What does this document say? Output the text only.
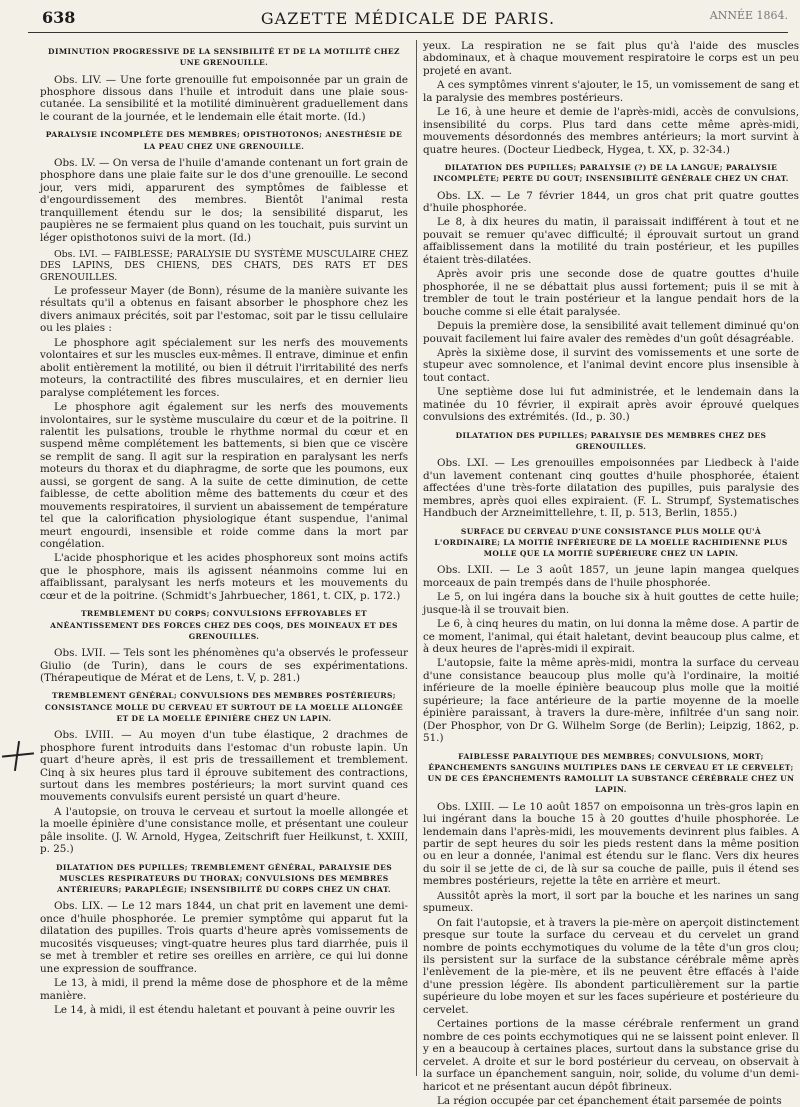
638	GAZETTE MÉDICALE DE PARIS.	ANNÉE 1864.
DIMINUTION PROGRESSIVE DE LA SENSIBILITÉ ET DE LA MOTILITÉ CHEZ UNE GRENOUILLE.

Obs. LIV. — Une forte grenouille fut empoisonnée par un grain de phosphore dissous dans l'huile et introduit dans une plaie sous-cutanée. La sensibilité et la motilité diminuèrent graduellement dans le courant de la journée, et le lendemain elle était morte. (Id.)

PARALYSIE INCOMPLÈTE DES MEMBRES; OPISTHOTONOS; ANESTHÉSIE DE LA PEAU CHEZ UNE GRENOUILLE.

Obs. LV. — On versa de l'huile d'amande contenant un fort grain de phosphore dans une plaie faite sur le dos d'une grenouille. Le second jour, vers midi, apparurent des symptômes de faiblesse et d'engourdissement des membres. Bientôt l'animal resta tranquillement étendu sur le dos; la sensibilité disparut, les paupières ne se fermaient plus quand on les touchait, puis survint un léger opisthotonos suivi de la mort. (Id.)

Obs. LVI. — FAIBLESSE; PARALYSIE DU SYSTÈME MUSCULAIRE CHEZ DES LAPINS, DES CHIENS, DES CHATS, DES RATS ET DES GRENOUILLES.

Le professeur Mayer (de Bonn), résume de la manière suivante les résultats qu'il a obtenus en faisant absorber le phosphore chez les divers animaux précités, soit par l'estomac, soit par le tissu cellulaire ou les plaies :

Le phosphore agit spécialement sur les nerfs des mouvements volontaires et sur les muscles eux-mêmes. Il entrave, diminue et enfin abolit entièrement la motilité, ou bien il détruit l'irritabilité des nerfs moteurs, la contractilité des fibres musculaires, et en dernier lieu paralyse complétement les forces.

Le phosphore agit également sur les nerfs des mouvements involontaires, sur le système musculaire du cœur et de la poitrine. Il ralentit les pulsations, trouble le rhythme normal du cœur et en suspend même complétement les battements, si bien que ce viscère se remplit de sang. Il agit sur la respiration en paralysant les nerfs moteurs du thorax et du diaphragme, de sorte que les poumons, eux aussi, se gorgent de sang. A la suite de cette diminution, de cette faiblesse, de cette abolition même des battements du cœur et des mouvements respiratoires, il survient un abaissement de température tel que la calorification physiologique étant suspendue, l'animal meurt engourdi, insensible et roide comme dans la mort par congélation.

L'acide phosphorique et les acides phosphoreux sont moins actifs que le phosphore, mais ils agissent néanmoins comme lui en affaiblissant, paralysant les nerfs moteurs et les mouvements du cœur et de la poitrine. (Schmidt's Jahrbuecher, 1861, t. CIX, p. 172.)

TREMBLEMENT DU CORPS; CONVULSIONS EFFROYABLES ET ANÉANTISSEMENT DES FORCES CHEZ DES COQS, DES MOINEAUX ET DES GRENOUILLES.

Obs. LVII. — Tels sont les phénomènes qu'a observés le professeur Giulio (de Turin), dans le cours de ses expérimentations. (Thérapeutique de Mérat et de Lens, t. V, p. 281.)

TREMBLEMENT GÉNÉRAL; CONVULSIONS DES MEMBRES POSTÉRIEURS; CONSISTANCE MOLLE DU CERVEAU ET SURTOUT DE LA MOELLE ALLONGÉE ET DE LA MOELLE ÉPINIÈRE CHEZ UN LAPIN.

Obs. LVIII. — Au moyen d'un tube élastique, 2 drachmes de phosphore furent introduits dans l'estomac d'un robuste lapin. Un quart d'heure après, il est pris de tressaillement et tremblement. Cinq à six heures plus tard il éprouve subitement des contractions, surtout dans les membres postérieurs; la mort survint quand ces mouvements convulsifs eurent persisté un quart d'heure.

A l'autopsie, on trouva le cerveau et surtout la moelle allongée et la moelle épinière d'une consistance molle, et présentant une couleur pâle insolite. (J. W. Arnold, Hygea, Zeitschrift fuer Heilkunst, t. XXIII, p. 25.)

DILATATION DES PUPILLES; TREMBLEMENT GÉNÉRAL, PARALYSIE DES MUSCLES RESPIRATEURS DU THORAX; CONVULSIONS DES MEMBRES ANTÉRIEURS; PARAPLÉGIE; INSENSIBILITÉ DU CORPS CHEZ UN CHAT.

Obs. LIX. — Le 12 mars 1844, un chat prit en lavement une demi-once d'huile phosphorée. Le premier symptôme qui apparut fut la dilatation des pupilles. Trois quarts d'heure après vomissements de mucosités visqueuses; vingt-quatre heures plus tard diarrhée, puis il se met à trembler et retire ses oreilles en arrière, ce qui lui donne une expression de souffrance.

Le 13, à midi, il prend la même dose de phosphore et de la même manière.

Le 14, à midi, il est étendu haletant et pouvant à peine ouvrir les

yeux. La respiration ne se fait plus qu'à l'aide des muscles abdominaux, et à chaque mouvement respiratoire le corps est un peu projeté en avant.

A ces symptômes vinrent s'ajouter, le 15, un vomissement de sang et la paralysie des membres postérieurs.

Le 16, à une heure et demie de l'après-midi, accès de convulsions, insensibilité du corps. Plus tard dans cette même après-midi, mouvements désordonnés des membres antérieurs; la mort survint à quatre heures. (Docteur Liedbeck, Hygea, t. XX, p. 32-34.)

DILATATION DES PUPILLES; PARALYSIE (?) DE LA LANGUE; PARALYSIE INCOMPLÈTE; PERTE DU GOUT; INSENSIBILITÉ GÉNÉRALE CHEZ UN CHAT.

Obs. LX. — Le 7 février 1844, un gros chat prit quatre gouttes d'huile phosphorée.

Le 8, à dix heures du matin, il paraissait indifférent à tout et ne pouvait se remuer qu'avec difficulté; il éprouvait surtout un grand affaiblissement dans la motilité du train postérieur, et les pupilles étaient très-dilatées.

Après avoir pris une seconde dose de quatre gouttes d'huile phosphorée, il ne se débattait plus aussi fortement; puis il se mit à trembler de tout le train postérieur et la langue pendait hors de la bouche comme si elle était paralysée.

Depuis la première dose, la sensibilité avait tellement diminué qu'on pouvait facilement lui faire avaler des remèdes d'un goût désagréable.

Après la sixième dose, il survint des vomissements et une sorte de stupeur avec somnolence, et l'animal devint encore plus insensible à tout contact.

Une septième dose lui fut administrée, et le lendemain dans la matinée du 10 février, il expirait après avoir éprouvé quelques convulsions des extrémités. (Id., p. 30.)

DILATATION DES PUPILLES; PARALYSIE DES MEMBRES CHEZ DES GRENOUILLES.

Obs. LXI. — Les grenouilles empoisonnées par Liedbeck à l'aide d'un lavement contenant cinq gouttes d'huile phosphorée, étaient affectées d'une très-forte dilatation des pupilles, puis paralysie des membres, après quoi elles expiraient. (F. L. Strumpf, Systematisches Handbuch der Arzneimittellehre, t. II, p. 513, Berlin, 1855.)

SURFACE DU CERVEAU D'UNE CONSISTANCE PLUS MOLLE QU'À L'ORDINAIRE; LA MOITIÉ INFÉRIEURE DE LA MOELLE RACHIDIENNE PLUS MOLLE QUE LA MOITIÉ SUPÉRIEURE CHEZ UN LAPIN.

Obs. LXII. — Le 3 août 1857, un jeune lapin mangea quelques morceaux de pain trempés dans de l'huile phosphorée.

Le 5, on lui ingéra dans la bouche six à huit gouttes de cette huile; jusque-là il se trouvait bien.

Le 6, à cinq heures du matin, on lui donna la même dose. A partir de ce moment, l'animal, qui était haletant, devint beaucoup plus calme, et à deux heures de l'après-midi il expirait.

L'autopsie, faite la même après-midi, montra la surface du cerveau d'une consistance beaucoup plus molle qu'à l'ordinaire, la moitié inférieure de la moelle épinière beaucoup plus molle que la moitié supérieure; la face antérieure de la partie moyenne de la moelle épinière paraissant, à travers la dure-mère, infiltrée d'un sang noir. (Der Phosphor, von Dr G. Wilhelm Sorge (de Berlin); Leipzig, 1862, p. 51.)

FAIBLESSE PARALYTIQUE DES MEMBRES; CONVULSIONS, MORT; ÉPANCHEMENTS SANGUINS MULTIPLES DANS LE CERVEAU ET LE CERVELET; UN DE CES ÉPANCHEMENTS RAMOLLIT LA SUBSTANCE CÉRÉBRALE CHEZ UN LAPIN.

Obs. LXIII. — Le 10 août 1857 on empoisonna un très-gros lapin en lui ingérant dans la bouche 15 à 20 gouttes d'huile phosphorée. Le lendemain dans l'après-midi, les mouvements devinrent plus faibles. A partir de sept heures du soir les pieds restent dans la même position ou en leur a donnée, l'animal est étendu sur le flanc. Vers dix heures du soir il se jette de ci, de là sur sa couche de paille, puis il étend ses membres postérieurs, rejette la tête en arrière et meurt.

Aussitôt après la mort, il sort par la bouche et les narines un sang spumeux.

On fait l'autopsie, et à travers la pie-mère on aperçoit distinctement presque sur toute la surface du cerveau et du cervelet un grand nombre de points ecchymotiques du volume de la tête d'un gros clou; ils persistent sur la surface de la substance cérébrale même après l'enlèvement de la pie-mère, et ils ne peuvent être effacés à l'aide d'une pression légère. Ils abondent particulièrement sur la partie supérieure du lobe moyen et sur les faces supérieure et postérieure du cervelet.

Certaines portions de la masse cérébrale renferment un grand nombre de ces points ecchymotiques qui ne se laissent point enlever. Il y en a beaucoup à certaines places, surtout dans la substance grise du cervelet. A droite et sur le bord postérieur du cerveau, on observait à la surface un épanchement sanguin, noir, solide, du volume d'un demi-haricot et ne présentant aucun dépôt fibrineux.

La région occupée par cet épanchement était parsemée de points
